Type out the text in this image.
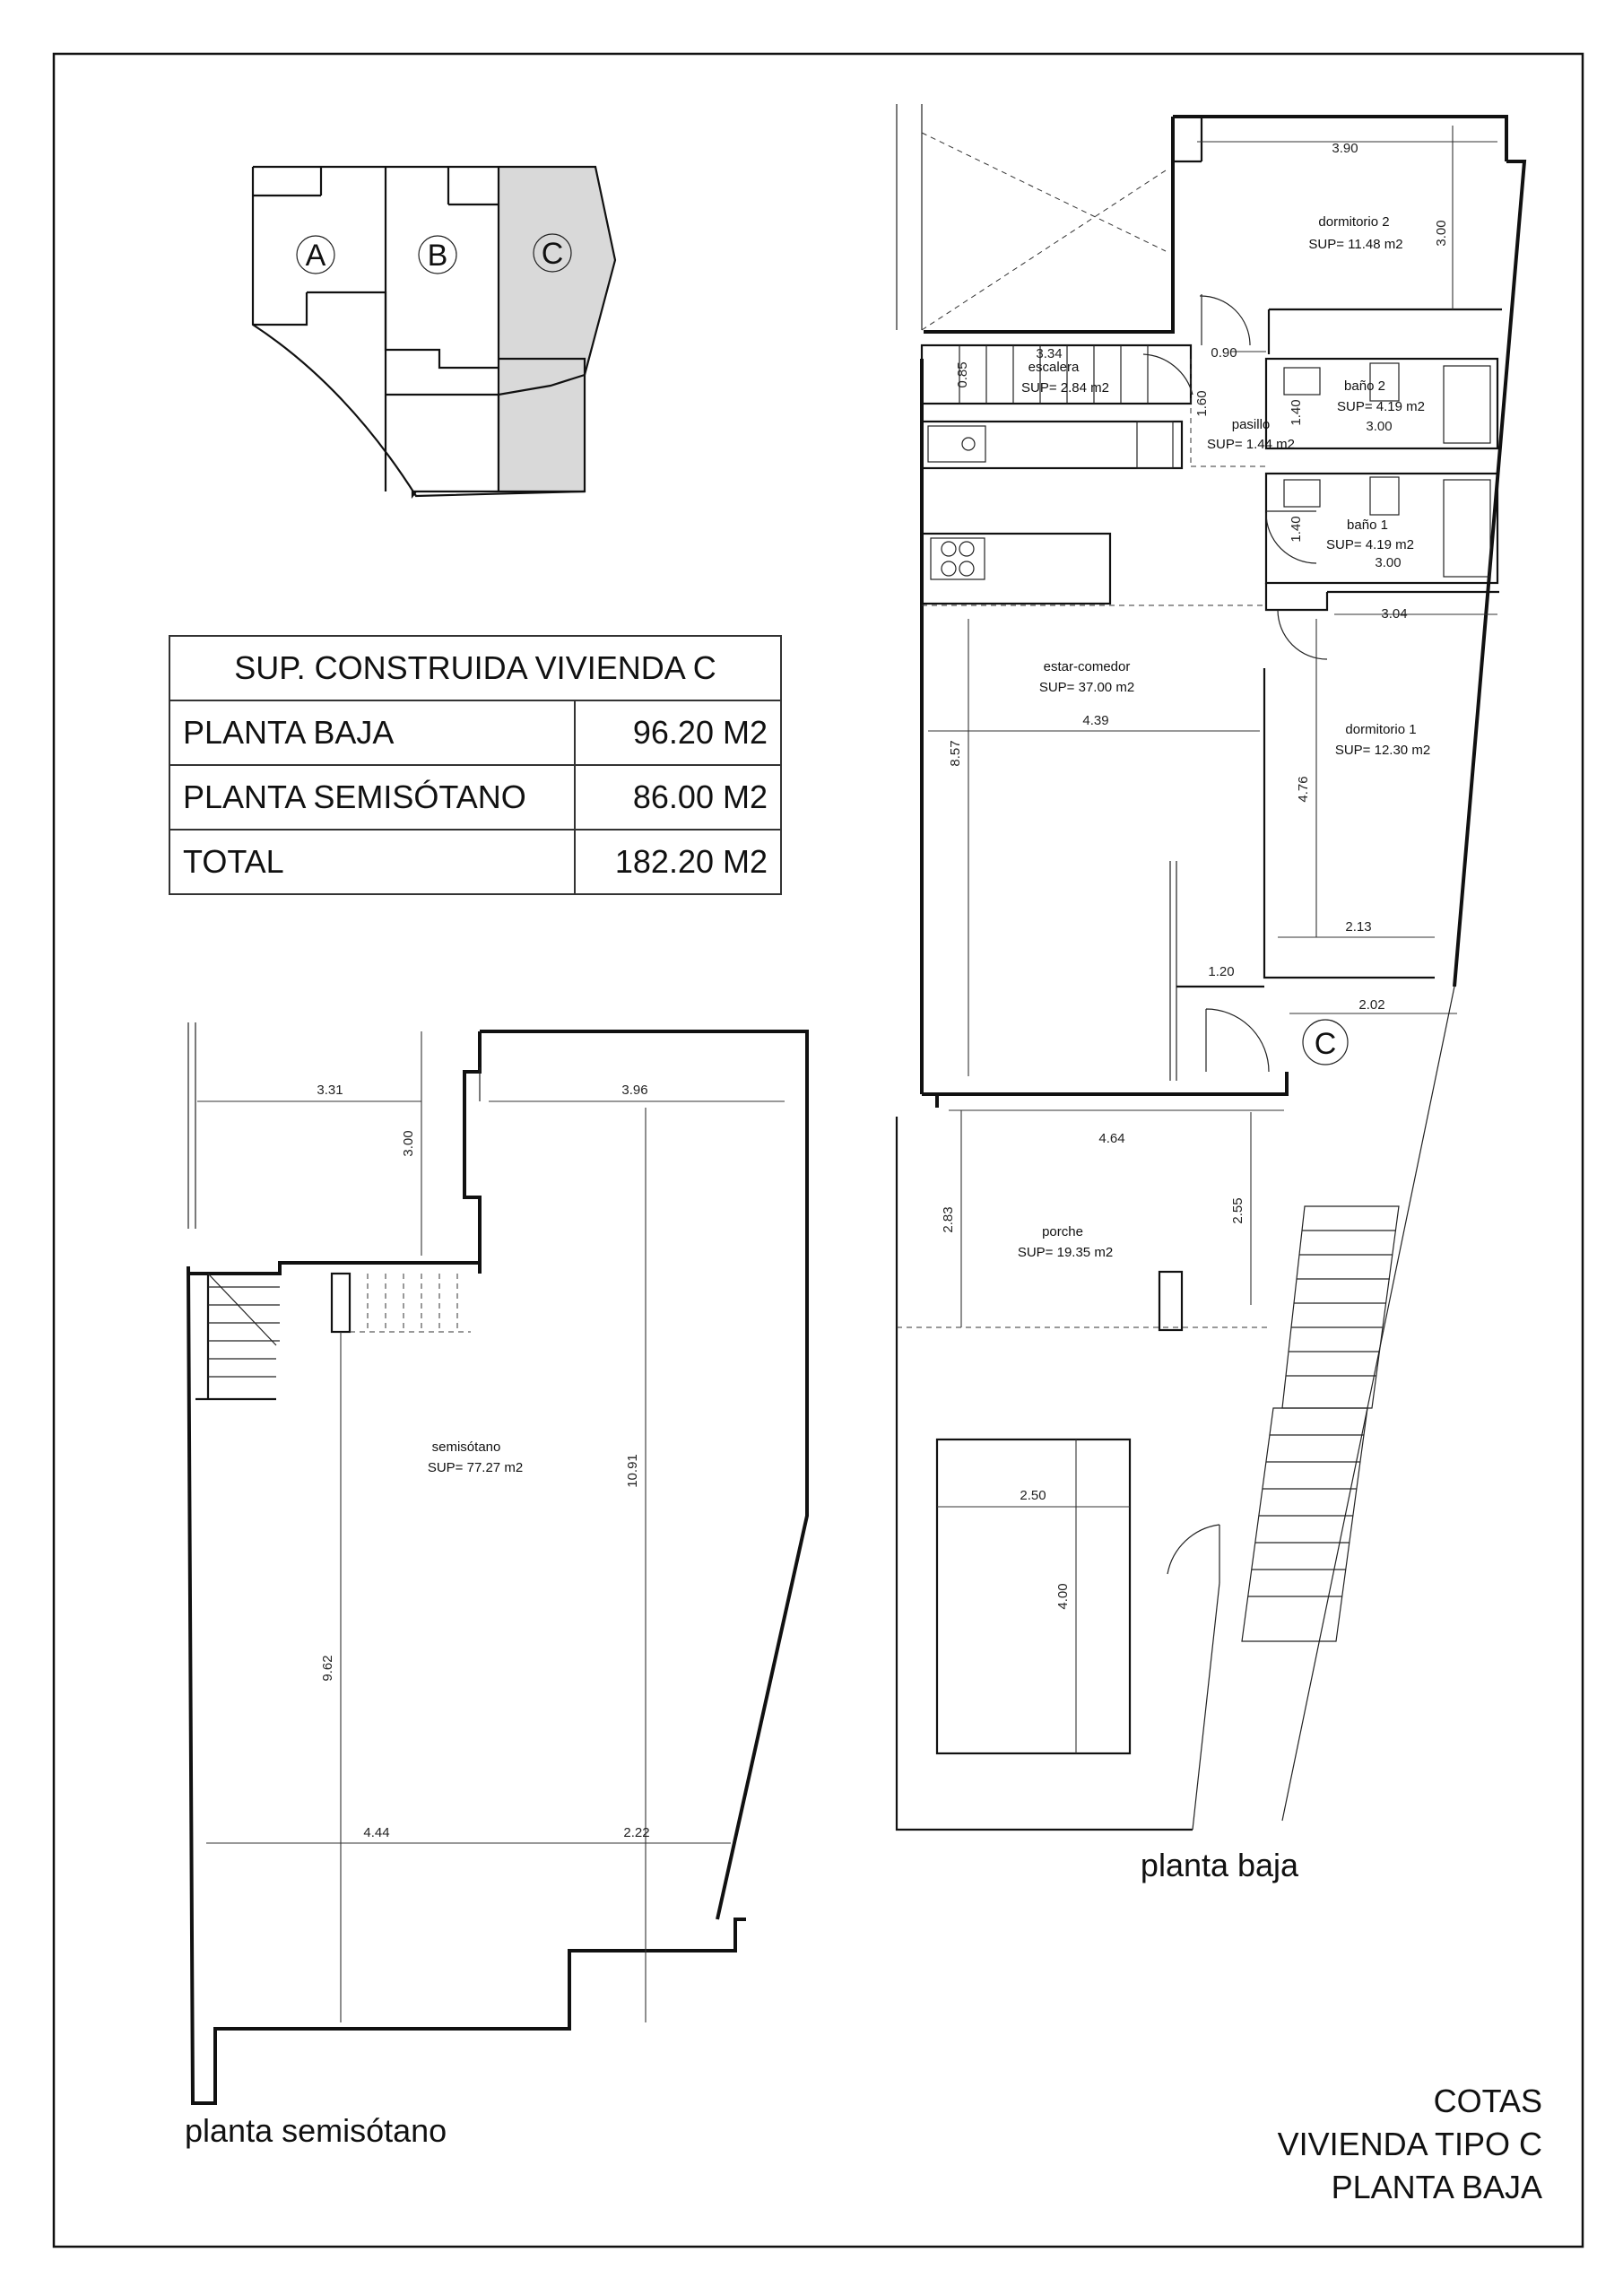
A	B	C
3.90
3.00
dormitorio 2
SUP= 11.48 m2
3.34
0.85	escalera
SUP= 2.84 m2
0.90
1.40
3.00
baño 2
SUP= 4.19 m2
1.60
pasillo
SUP= 1.44 m2
1.40
3.00
baño 1
SUP= 4.19 m2
3.04
estar-comedor
SUP= 37.00 m2
4.39
8.57
dormitorio 1
SUP= 12.30 m2
4.76
2.13
1.20
2.02
C
4.64
2.83	2.55
porche
SUP= 19.35 m2
2.50
4.00
planta baja
3.31	3.96
3.00
semisótano
SUP= 77.27 m2	10.91
9.62
4.44	2.22
planta semisótano
COTAS
VIVIENDA TIPO C
PLANTA BAJA
SUP. CONSTRUIDA VIVIENDA C	
PLANTA BAJA	96.20 M2
PLANTA SEMISÓTANO	86.00 M2
TOTAL	182.20 M2
